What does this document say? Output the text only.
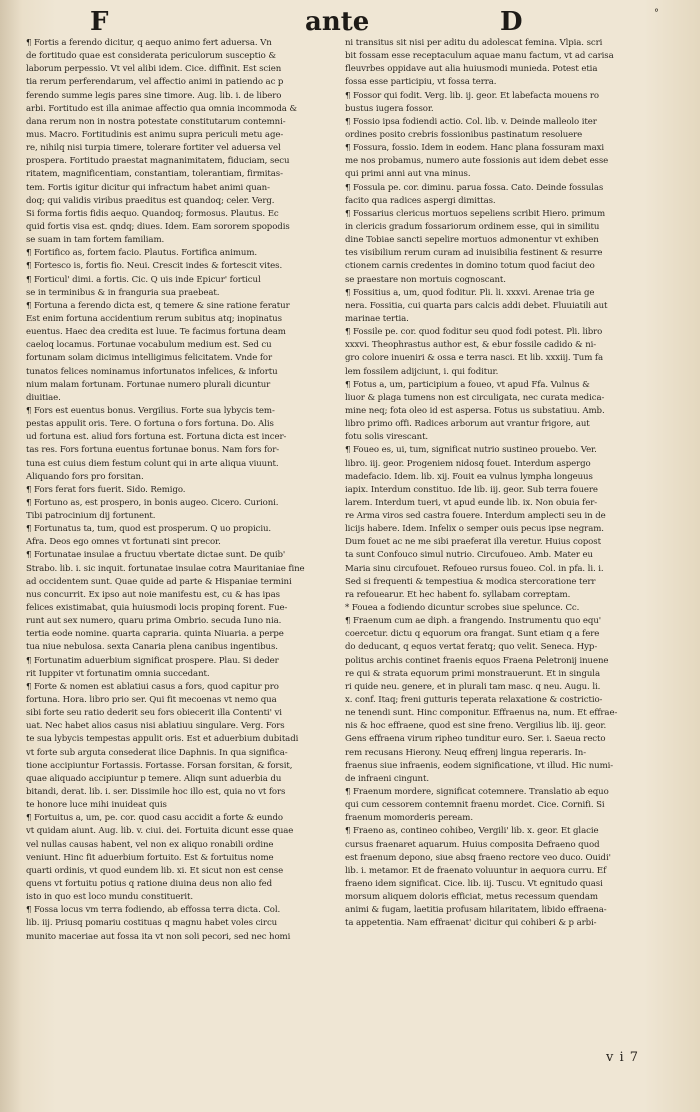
F	ante	D	°
¶ Fortis a ferendo dicitur, q aequo animo fert aduersa. Vn
de fortitudo quae est considerata periculorum susceptio &
laborum perpessio. Vt vel alibi idem. Cice. diffinit. Est scien
tia rerum perferendarum, vel affectio animi in patiendo ac p
ferendo summe legis pares sine timore. Aug. lib. i. de libero
arbi. Fortitudo est illa animae affectio qua omnia incommoda &
dana rerum non in nostra potestate constitutarum contemni-
mus. Macro. Fortitudinis est animu supra periculi metu age-
re, nihilq nisi turpia timere, tolerare fortiter vel aduersa vel
prospera. Fortitudo praestat magnanimitatem, fiduciam, secu
ritatem, magnificentiam, constantiam, tolerantiam, firmitas-
tem. Fortis igitur dicitur qui infractum habet animi quan-
doq; qui validis viribus praeditus est quandoq; celer. Verg.
Si forma fortis fidis aequo. Quandoq; formosus. Plautus. Ec
quid fortis visa est. qndq; diues. Idem. Eam sororem spopodis
se suam in tam fortem familiam.
¶ Fortifico as, fortem facio. Plautus. Fortifica animum.
¶ Fortesco is, fortis fio. Neui. Crescit indes & fortescit vites.
¶ Forticul' dimi. a fortis. Cic. Q uis inde Epicur' forticul
se in terminibus & in franguria sua praebeat.
¶ Fortuna a ferendo dicta est, q temere & sine ratione feratur
Est enim fortuna accidentium rerum subitus atq; inopinatus
euentus. Haec dea credita est luue. Te facimus fortuna deam
caeloq locamus. Fortunae vocabulum medium est. Sed cu
fortunam solam dicimus intelligimus felicitatem. Vnde for
tunatos felices nominamus infortunatos infelices, & infortu
nium malam fortunam. Fortunae numero plurali dicuntur
diuitiae.
¶ Fors est euentus bonus. Vergilius. Forte sua lybycis tem-
pestas appulit oris. Tere. O fortuna o fors fortuna. Do. Alis
ud fortuna est. aliud fors fortuna est. Fortuna dicta est incer-
tas res. Fors fortuna euentus fortunae bonus. Nam fors for-
tuna est cuius diem festum colunt qui in arte aliqua viuunt.
Aliquando fors pro forsitan.
¶ Fors ferat fors fuerit. Sido. Remigo.
¶ Fortuno as, est prospero, in bonis augeo. Cicero. Curioni.
Tibi patrocinium dij fortunent.
¶ Fortunatus ta, tum, quod est prosperum. Q uo propiciu.
Afra. Deos ego omnes vt fortunati sint precor.
¶ Fortunatae insulae a fructuu vbertate dictae sunt. De quib'
Strabo. lib. i. sic inquit. fortunatae insulae cotra Mauritaniae fine
ad occidentem sunt. Quae quide ad parte & Hispaniae termini
nus concurrit. Ex ipso aut noie manifestu est, cu & has ipas
felices existimabat, quia huiusmodi locis propinq forent. Fue-
runt aut sex numero, quaru prima Ombrio. secuda Iuno nia.
tertia eode nomine. quarta capraria. quinta Niuaria. a perpe
tua niue nebulosa. sexta Canaria plena canibus ingentibus.
¶ Fortunatim aduerbium significat prospere. Plau. Si deder
rit Iuppiter vt fortunatim omnia succedant.
¶ Forte & nomen est ablatiui casus a fors, quod capitur pro
fortuna. Hora. libro prio ser. Qui fit mecoenas vt nemo qua
sibi forte seu ratio dederit seu fors obiecerit illa Contenti' vi
uat. Nec habet alios casus nisi ablatiuu singulare. Verg. Fors
te sua lybycis tempestas appulit oris. Est et aduerbium dubitadi
vt forte sub arguta consederat ilice Daphnis. In qua significa-
tione accipiuntur Fortassis. Fortasse. Forsan forsitan, & forsit,
quae aliquado accipiuntur p temere. Aliqn sunt aduerbia du
bitandi, derat. lib. i. ser. Dissimile hoc illo est, quia no vt fors
te honore luce mihi inuideat quis
¶ Fortuitus a, um, pe. cor. quod casu accidit a forte & eundo
vt quidam aiunt. Aug. lib. v. ciui. dei. Fortuita dicunt esse quae
vel nullas causas habent, vel non ex aliquo ronabili ordine
veniunt. Hinc fit aduerbium fortuito. Est & fortuitus nome
quarti ordinis, vt quod eundem lib. xi. Et sicut non est cense
quens vt fortuitu potius q ratione diuina deus non alio fed
isto in quo est loco mundu constituerit.
¶ Fossa locus vm terra fodiendo, ab effossa terra dicta. Col.
lib. iij. Priusq pomariu costituas q magnu habet voles circu
munito maceriae aut fossa ita vt non soli pecori, sed nec homi
ni transitus sit nisi per aditu du adolescat femina. Vlpia. scri
bit fossam esse receptaculum aquae manu factum, vt ad carisa
fleuvrbes oppidave aut alia huiusmodi munieda. Potest etia
fossa esse participiu, vt fossa terra.
¶ Fossor qui fodit. Verg. lib. ij. geor. Et labefacta mouens ro
bustus iugera fossor.
¶ Fossio ipsa fodiendi actio. Col. lib. v. Deinde malleolo iter
ordines posito crebris fossionibus pastinatum resoluere
¶ Fossura, fossio. Idem in eodem. Hanc plana fossuram maxi
me nos probamus, numero aute fossionis aut idem debet esse
qui primi anni aut vna minus.
¶ Fossula pe. cor. diminu. parua fossa. Cato. Deinde fossulas
facito qua radices aspergi dimittas.
¶ Fossarius clericus mortuos sepeliens scribit Hiero. primum
in clericis gradum fossariorum ordinem esse, qui in similitu
dine Tobiae sancti sepelire mortuos admonentur vt exhiben
tes visibilium rerum curam ad inuisibilia festinent & resurre
ctionem carnis credentes in domino totum quod faciut deo
se praestare non mortuis cognoscant.
¶ Fossitius a, um, quod foditur. Pli. li. xxxvi. Arenae tria ge
nera. Fossitia, cui quarta pars calcis addi debet. Fluuiatili aut
marinae tertia.
¶ Fossile pe. cor. quod foditur seu quod fodi potest. Pli. libro
xxxvi. Theophrastus author est, & ebur fossile cadido & ni-
gro colore inueniri & ossa e terra nasci. Et lib. xxxiij. Tum fa
lem fossilem adijciunt, i. qui foditur.
¶ Fotus a, um, participium a foueo, vt apud Ffa. Vulnus &
liuor & plaga tumens non est circuligata, nec curata medica-
mine neq; fota oleo id est aspersa. Fotus us substatiuu. Amb.
libro primo offi. Radices arborum aut vrantur frigore, aut
fotu solis virescant.
¶ Foueo es, ui, tum, significat nutrio sustineo prouebo. Ver.
libro. iij. geor. Progeniem nidosq fouet. Interdum aspergo
madefacio. Idem. lib. xij. Fouit ea vulnus lympha longeuus
iapix. Interdum constituo. Ide lib. iij. geor. Sub terra fouere
larem. Interdum tueri, vt apud eunde lib. ix. Non obuia fer-
re Arma viros sed castra fouere. Interdum amplecti seu in de
licijs habere. Idem. Infelix o semper ouis pecus ipse negram.
Dum fouet ac ne me sibi praeferat illa veretur. Huius copost
ta sunt Confouco simul nutrio. Circufoueo. Amb. Mater eu
Maria sinu circufouet. Refoueo rursus foueo. Col. in pfa. li. i.
Sed si frequenti & tempestiua & modica stercoratione terr
ra refouearur. Et hec habent fo. syllabam correptam.
* Fouea a fodiendo dicuntur scrobes siue spelunce. Cc.
¶ Fraenum cum ae diph. a frangendo. Instrumentu quo equ'
coercetur. dictu q equorum ora frangat. Sunt etiam q a fere
do deducant, q equos vertat feratq; quo velit. Seneca. Hyp-
politus archis continet fraenis equos Fraena Peletronij inuene
re qui & strata equorum primi monstrauerunt. Et in singula
ri quide neu. genere, et in plurali tam masc. q neu. Augu. li.
x. conf. Itaq; freni gutturis teperata relaxatione & costrictio-
ne tenendi sunt. Hinc componitur. Effraenus na, num. Et effrae-
nis & hoc effraene, quod est sine freno. Vergilius lib. iij. geor.
Gens effraena virum ripheo tunditur euro. Ser. i. Saeua recto
rem recusans Hierony. Neuq effrenj lingua reperaris. In-
fraenus siue infraenis, eodem significatione, vt illud. Hic numi-
de infraeni cingunt.
¶ Fraenum mordere, significat cotemnere. Translatio ab equo
qui cum cessorem contemnit fraenu mordet. Cice. Cornifi. Si
fraenum momorderis peream.
¶ Fraeno as, contineo cohibeo, Vergili' lib. x. geor. Et glacie
cursus fraenaret aquarum. Huius composita Defraeno quod
est fraenum depono, siue absq fraeno rectore veo duco. Ouidi'
lib. i. metamor. Et de fraenato voluuntur in aequora curru. Ef
fraeno idem significat. Cice. lib. iij. Tuscu. Vt egnitudo quasi
morsum aliquem doloris efficiat, metus recessum quendam
animi & fugam, laetitia profusam hilaritatem, libido effraena-
ta appetentia. Nam effraenat' dicitur qui cohiberi & p arbi-
v i 7
